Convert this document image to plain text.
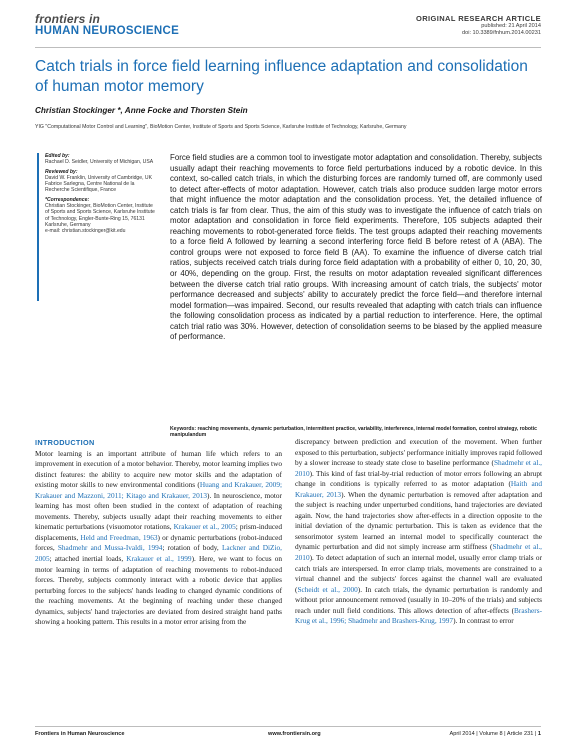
frontiers in
HUMAN NEUROSCIENCE
ORIGINAL RESEARCH ARTICLE
published: 21 April 2014
doi: 10.3389/fnhum.2014.00231
Catch trials in force field learning influence adaptation and consolidation of human motor memory
Christian Stockinger *, Anne Focke and Thorsten Stein
YIG "Computational Motor Control and Learning", BioMotion Center, Institute of Sports and Sports Science, Karlsruhe Institute of Technology, Karlsruhe, Germany
Edited by:
Rachael D. Seidler, University of Michigan, USA
Reviewed by:
David W. Franklin, University of Cambridge, UK
Fabrice Sarlegna, Centre National de la Recherche Scientifique, France
*Correspondence:
Christian Stockinger, BioMotion Center, Institute of Sports and Sports Science, Karlsruhe Institute of Technology, Engler-Bunte-Ring 15, 76131 Karlsruhe, Germany
e-mail: christian.stockinger@kit.edu

Force field studies are a common tool to investigate motor adaptation and consolidation. Thereby, subjects usually adapt their reaching movements to force field perturbations induced by a robotic device. In this context, so-called catch trials, in which the disturbing forces are randomly turned off, are commonly used to detect after-effects of motor adaptation. However, catch trials also produce sudden large motor errors that might influence the motor adaptation and the consolidation process. Yet, the detailed influence of catch trials is far from clear. Thus, the aim of this study was to investigate the influence of catch trials on motor adaptation and consolidation in force field experiments. Therefore, 105 subjects adapted their reaching movements to robot-generated force fields. The test groups adapted their reaching movements to a force field A followed by learning a second interfering force field B before retest of A (ABA). The control groups were not exposed to force field B (AA). To examine the influence of diverse catch trial ratios, subjects received catch trials during force field adaptation with a probability of either 0, 10, 20, 30, or 40%, depending on the group. First, the results on motor adaptation revealed significant differences between the diverse catch trial ratio groups. With increasing amount of catch trials, the subjects' motor performance decreased and subjects' ability to accurately predict the force field—and therefore internal model formation—was impaired. Second, our results revealed that adapting with catch trials can influence the following consolidation process as indicated by a partial reduction to interference. Here, the optimal catch trial ratio was 30%. However, detection of consolidation seems to be biased by the applied measure of performance.

Keywords: reaching movements, dynamic perturbation, intermittent practice, variability, interference, internal model formation, control strategy, robotic manipulandum
INTRODUCTION

Motor learning is an important attribute of human life which refers to an improvement in execution of a motor behavior. Thereby, motor learning implies two distinct features: the ability to acquire new motor skills and the adaptation of existing motor skills to new environmental conditions (Huang and Krakauer, 2009; Krakauer and Mazzoni, 2011; Kitago and Krakauer, 2013). In neuroscience, motor learning has most often been studied in the context of adaptation of reaching movements. Thereby, subjects usually adapt their reaching movements to either kinematic perturbations (visuomotor rotations, Krakauer et al., 2005; prism-induced displacements, Held and Freedman, 1963) or dynamic perturbations (robot-induced forces, Shadmehr and Mussa-Ivaldi, 1994; rotation of body, Lackner and DiZio, 2005; attached inertial loads, Krakauer et al., 1999). Here, we want to focus on motor learning in terms of adaptation of reaching movements to robot-induced forces. Thereby, subjects commonly interact with a robotic device that applies perturbing forces to the subjects' hands leading to changed dynamic conditions of the reaching movements. At the beginning of reaching under these changed dynamics, subjects' hand trajectories are deviated from desired straight hand paths showing a hooking pattern. This results in a motor error arising from the

discrepancy between prediction and execution of the movement. When further exposed to this perturbation, subjects' performance initially improves rapid followed by a slower increase to steady state close to baseline performance (Shadmehr et al., 2010). This kind of fast trial-by-trial reduction of motor errors following an abrupt change in conditions is typically referred to as motor adaptation (Haith and Krakauer, 2013). When the dynamic perturbation is removed after adaptation and the subject is reaching under unperturbed conditions, hand trajectories are deviated again. Now, the hand trajectories show after-effects in a direction opposite to the initial deviation of the dynamic perturbation. This is taken as evidence that the sensorimotor system learned an internal model to specifically counteract the dynamic perturbation and did not simply increase arm stiffness (Shadmehr et al., 2010). To detect adaptation of such an internal model, usually error clamp trials or catch trials are interspersed. In error clamp trials, movements are constrained to a virtual channel and the subjects' forces against the channel wall are evaluated (Scheidt et al., 2000). In catch trials, the dynamic perturbation is randomly and without prior announcement removed (usually in 10–20% of the trials) and subjects reach under null field conditions. This allows detection of after-effects (Brashers-Krug et al., 1996; Shadmehr and Brashers-Krug, 1997). In contrast to error

Frontiers in Human Neuroscience	www.frontiersin.org	April 2014 | Volume 8 | Article 231 | 1
